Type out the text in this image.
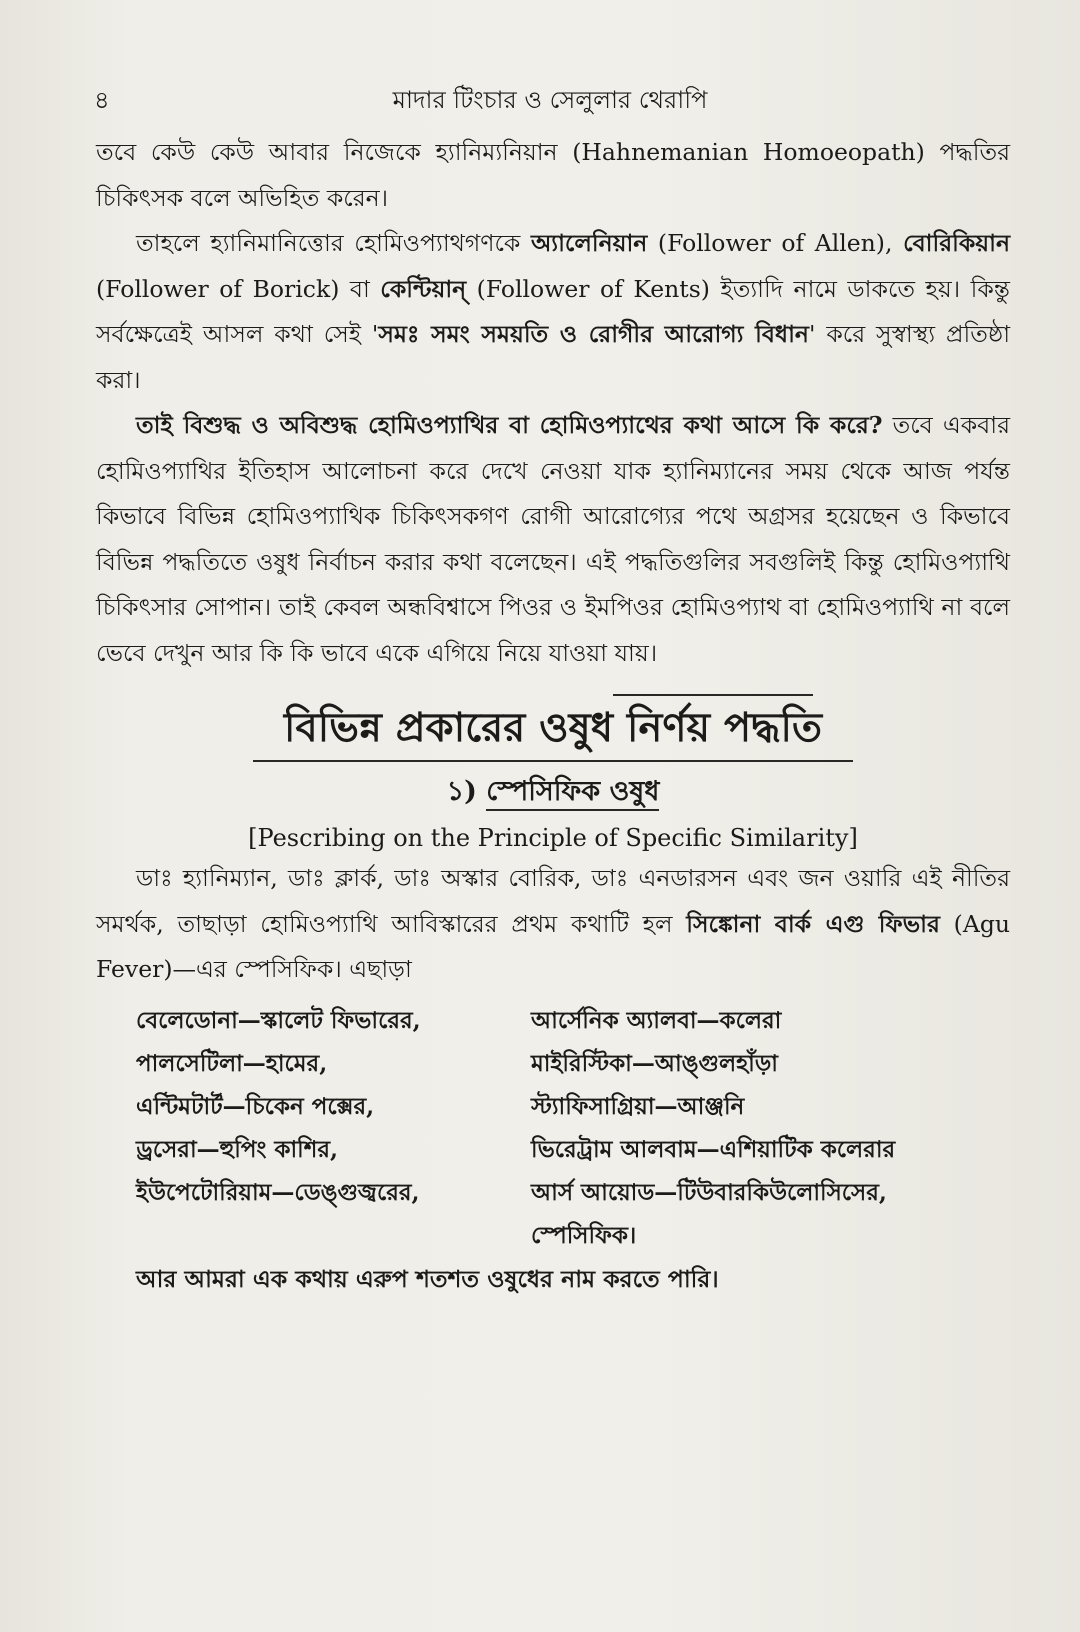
৪	মাদার টিংচার ও সেলুলার থেরাপি

তবে কেউ কেউ আবার নিজেকে হ্যানিম্যনিয়ান (Hahnemanian Homoeopath) পদ্ধতির চিকিৎসক বলে অভিহিত করেন।

তাহলে হ্যানিমানিত্তোর হোমিওপ্যাথগণকে অ্যালেনিয়ান (Follower of Allen), বোরিকিয়ান (Follower of Borick) বা কেন্টিয়ান্ (Follower of Kents) ইত্যাদি নামে ডাকতে হয়। কিন্তু সর্বক্ষেত্রেই আসল কথা সেই 'সমঃ সমং সময়তি ও রোগীর আরোগ্য বিধান' করে সুস্বাস্থ্য প্রতিষ্ঠা করা।

তাই বিশুদ্ধ ও অবিশুদ্ধ হোমিওপ্যাথির বা হোমিওপ্যাথের কথা আসে কি করে? তবে একবার হোমিওপ্যাথির ইতিহাস আলোচনা করে দেখে নেওয়া যাক হ্যানিম্যানের সময় থেকে আজ পর্যন্ত কিভাবে বিভিন্ন হোমিওপ্যাথিক চিকিৎসকগণ রোগী আরোগ্যের পথে অগ্রসর হয়েছেন ও কিভাবে বিভিন্ন পদ্ধতিতে ওষুধ নির্বাচন করার কথা বলেছেন। এই পদ্ধতিগুলির সবগুলিই কিন্তু হোমিওপ্যাথি চিকিৎসার সোপান। তাই কেবল অন্ধবিশ্বাসে পিওর ও ইমপিওর হোমিওপ্যাথ বা হোমিওপ্যাথি না বলে ভেবে দেখুন আর কি কি ভাবে একে এগিয়ে নিয়ে যাওয়া যায়।

বিভিন্ন প্রকারের ওষুধ নির্ণয় পদ্ধতি
১) স্পেসিফিক ওষুধ
[Pescribing on the Principle of Specific Similarity]

ডাঃ হ্যানিম্যান, ডাঃ ক্লার্ক, ডাঃ অস্কার বোরিক, ডাঃ এনডারসন এবং জন ওয়ারি এই নীতির সমর্থক, তাছাড়া হোমিওপ্যাথি আবিস্কারের প্রথম কথাটি হল সিঙ্কোনা বার্ক এগু ফিভার (Agu Fever)—এর স্পেসিফিক। এছাড়া

বেলেডোনা—স্কালেট ফিভারের,
পালসেটিলা—হামের,
এন্টিমটার্ট—চিকেন পক্সের,
ড্রসেরা—হুপিং কাশির,
ইউপেটোরিয়াম—ডেঙ্গুজ্বরের,
আর্সেনিক অ্যালবা—কলেরা
মাইরিস্টিকা—আঙ্গুলহাঁড়া
স্ট্যাফিসাগ্রিয়া—আঞ্জনি
ভিরেট্রাম আলবাম—এশিয়াটিক কলেরার
আর্স আয়োড—টিউবারকিউলোসিসের,
স্পেসিফিক।

আর আমরা এক কথায় এরুপ শতশত ওষুধের নাম করতে পারি।
